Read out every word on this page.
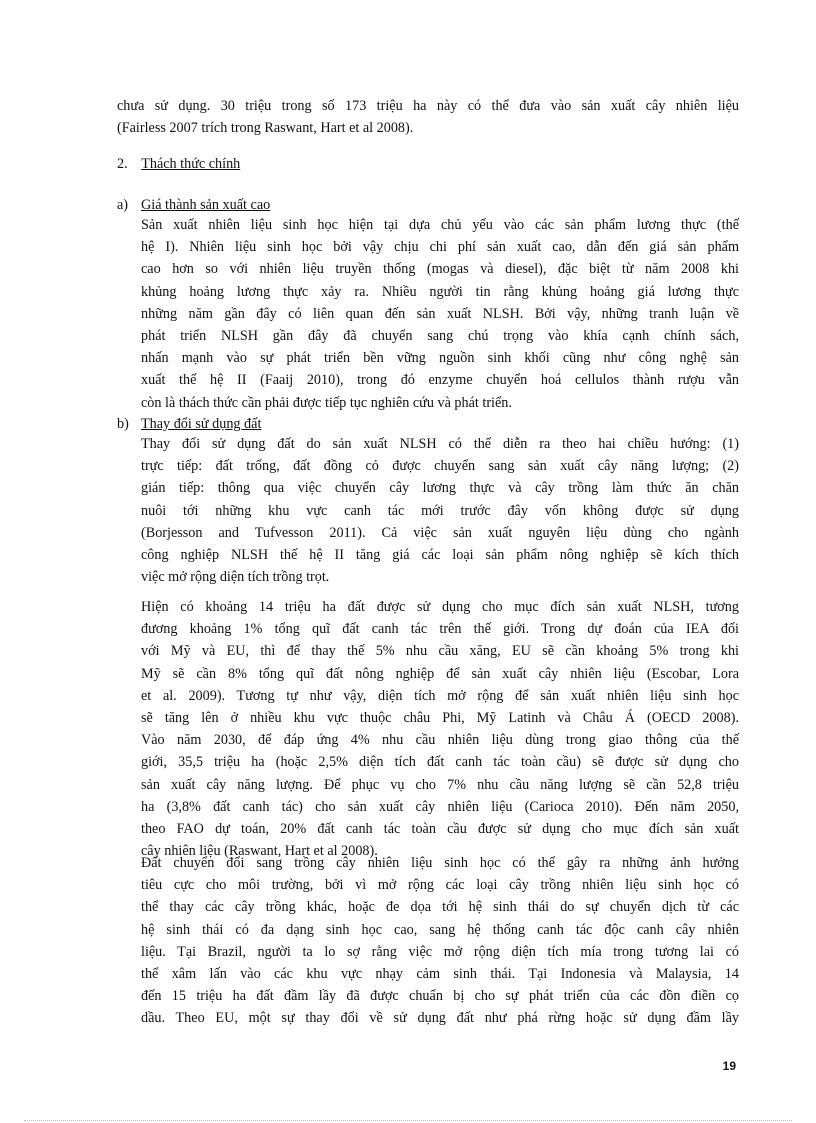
chưa sử dụng. 30 triệu trong số 173 triệu ha này có thể đưa vào sản xuất cây nhiên liệu
(Fairless 2007 trích trong Raswant, Hart et al 2008).
2. Thách thức chính
a) Giá thành sản xuất cao
Sản xuất nhiên liệu sinh học hiện tại dựa chủ yếu vào các sản phẩm lương thực (thế
hệ I). Nhiên liệu sinh học bởi vậy chịu chi phí sản xuất cao, dẫn đến giá sản phẩm
cao hơn so với nhiên liệu truyền thống (mogas và diesel), đặc biệt từ năm 2008 khi
khủng hoảng lương thực xảy ra. Nhiều người tin rằng khủng hoảng giá lương thực
những năm gần đây có liên quan đến sản xuất NLSH. Bởi vậy, những tranh luận về
phát triển NLSH gần đây đã chuyển sang chú trọng vào khía cạnh chính sách,
nhấn mạnh vào sự phát triển bền vững nguồn sinh khối cũng như công nghệ sản
xuất thế hệ II (Faaij 2010), trong đó enzyme chuyển hoá cellulos thành rượu vẫn
còn là thách thức cần phải được tiếp tục nghiên cứu và phát triển.
b) Thay đổi sử dụng đất
Thay đổi sử dụng đất do sản xuất NLSH có thể diễn ra theo hai chiều hướng: (1)
trực tiếp: đất trống, đất đồng cỏ được chuyển sang sản xuất cây năng lượng; (2)
gián tiếp: thông qua việc chuyển cây lương thực và cây trồng làm thức ăn chăn
nuôi tới những khu vực canh tác mới trước đây vốn không được sử dụng
(Borjesson and Tufvesson 2011). Cả việc sản xuất nguyên liệu dùng cho ngành
công nghiệp NLSH thế hệ II tăng giá các loại sản phẩm nông nghiệp sẽ kích thích
việc mở rộng diện tích trồng trọt.
Hiện có khoảng 14 triệu ha đất được sử dụng cho mục đích sản xuất NLSH, tương
đương khoảng 1% tổng quĩ đất canh tác trên thế giới. Trong dự đoán của IEA đối
với Mỹ và EU, thì để thay thế 5% nhu cầu xăng, EU sẽ cần khoảng 5% trong khi
Mỹ sẽ cần 8% tổng quĩ đất nông nghiệp để sản xuất cây nhiên liệu (Escobar, Lora
et al. 2009). Tương tự như vậy, diện tích mở rộng để sản xuất nhiên liệu sinh học
sẽ tăng lên ở nhiều khu vực thuộc châu Phi, Mỹ Latinh và Châu Á (OECD 2008).
Vào năm 2030, để đáp ứng 4% nhu cầu nhiên liệu dùng trong giao thông của thế
giới, 35,5 triệu ha (hoặc 2,5% diện tích đất canh tác toàn cầu) sẽ được sử dụng cho
sản xuất cây năng lượng. Để phục vụ cho 7% nhu cầu năng lượng sẽ cần 52,8 triệu
ha (3,8% đất canh tác) cho sản xuất cây nhiên liệu (Carioca 2010). Đến năm 2050,
theo FAO dự toán, 20% đất canh tác toàn cầu được sử dụng cho mục đích sản xuất
cây nhiên liệu (Raswant, Hart et al 2008).
Đất chuyển đổi sang trồng cây nhiên liệu sinh học có thể gây ra những ảnh hưởng
tiêu cực cho môi trường, bởi vì mở rộng các loại cây trồng nhiên liệu sinh học có
thể thay các cây trồng khác, hoặc đe dọa tới hệ sinh thái do sự chuyển dịch từ các
hệ sinh thái có đa dạng sinh học cao, sang hệ thống canh tác độc canh cây nhiên
liệu. Tại Brazil, người ta lo sợ rằng việc mở rộng diện tích mía trong tương lai có
thể xâm lấn vào các khu vực nhạy cảm sinh thái. Tại Indonesia và Malaysia, 14
đến 15 triệu ha đất đầm lầy đã được chuẩn bị cho sự phát triển của các đồn điền cọ
dầu. Theo EU, một sự thay đổi về sử dụng đất như phá rừng hoặc sử dụng đầm lầy
19
